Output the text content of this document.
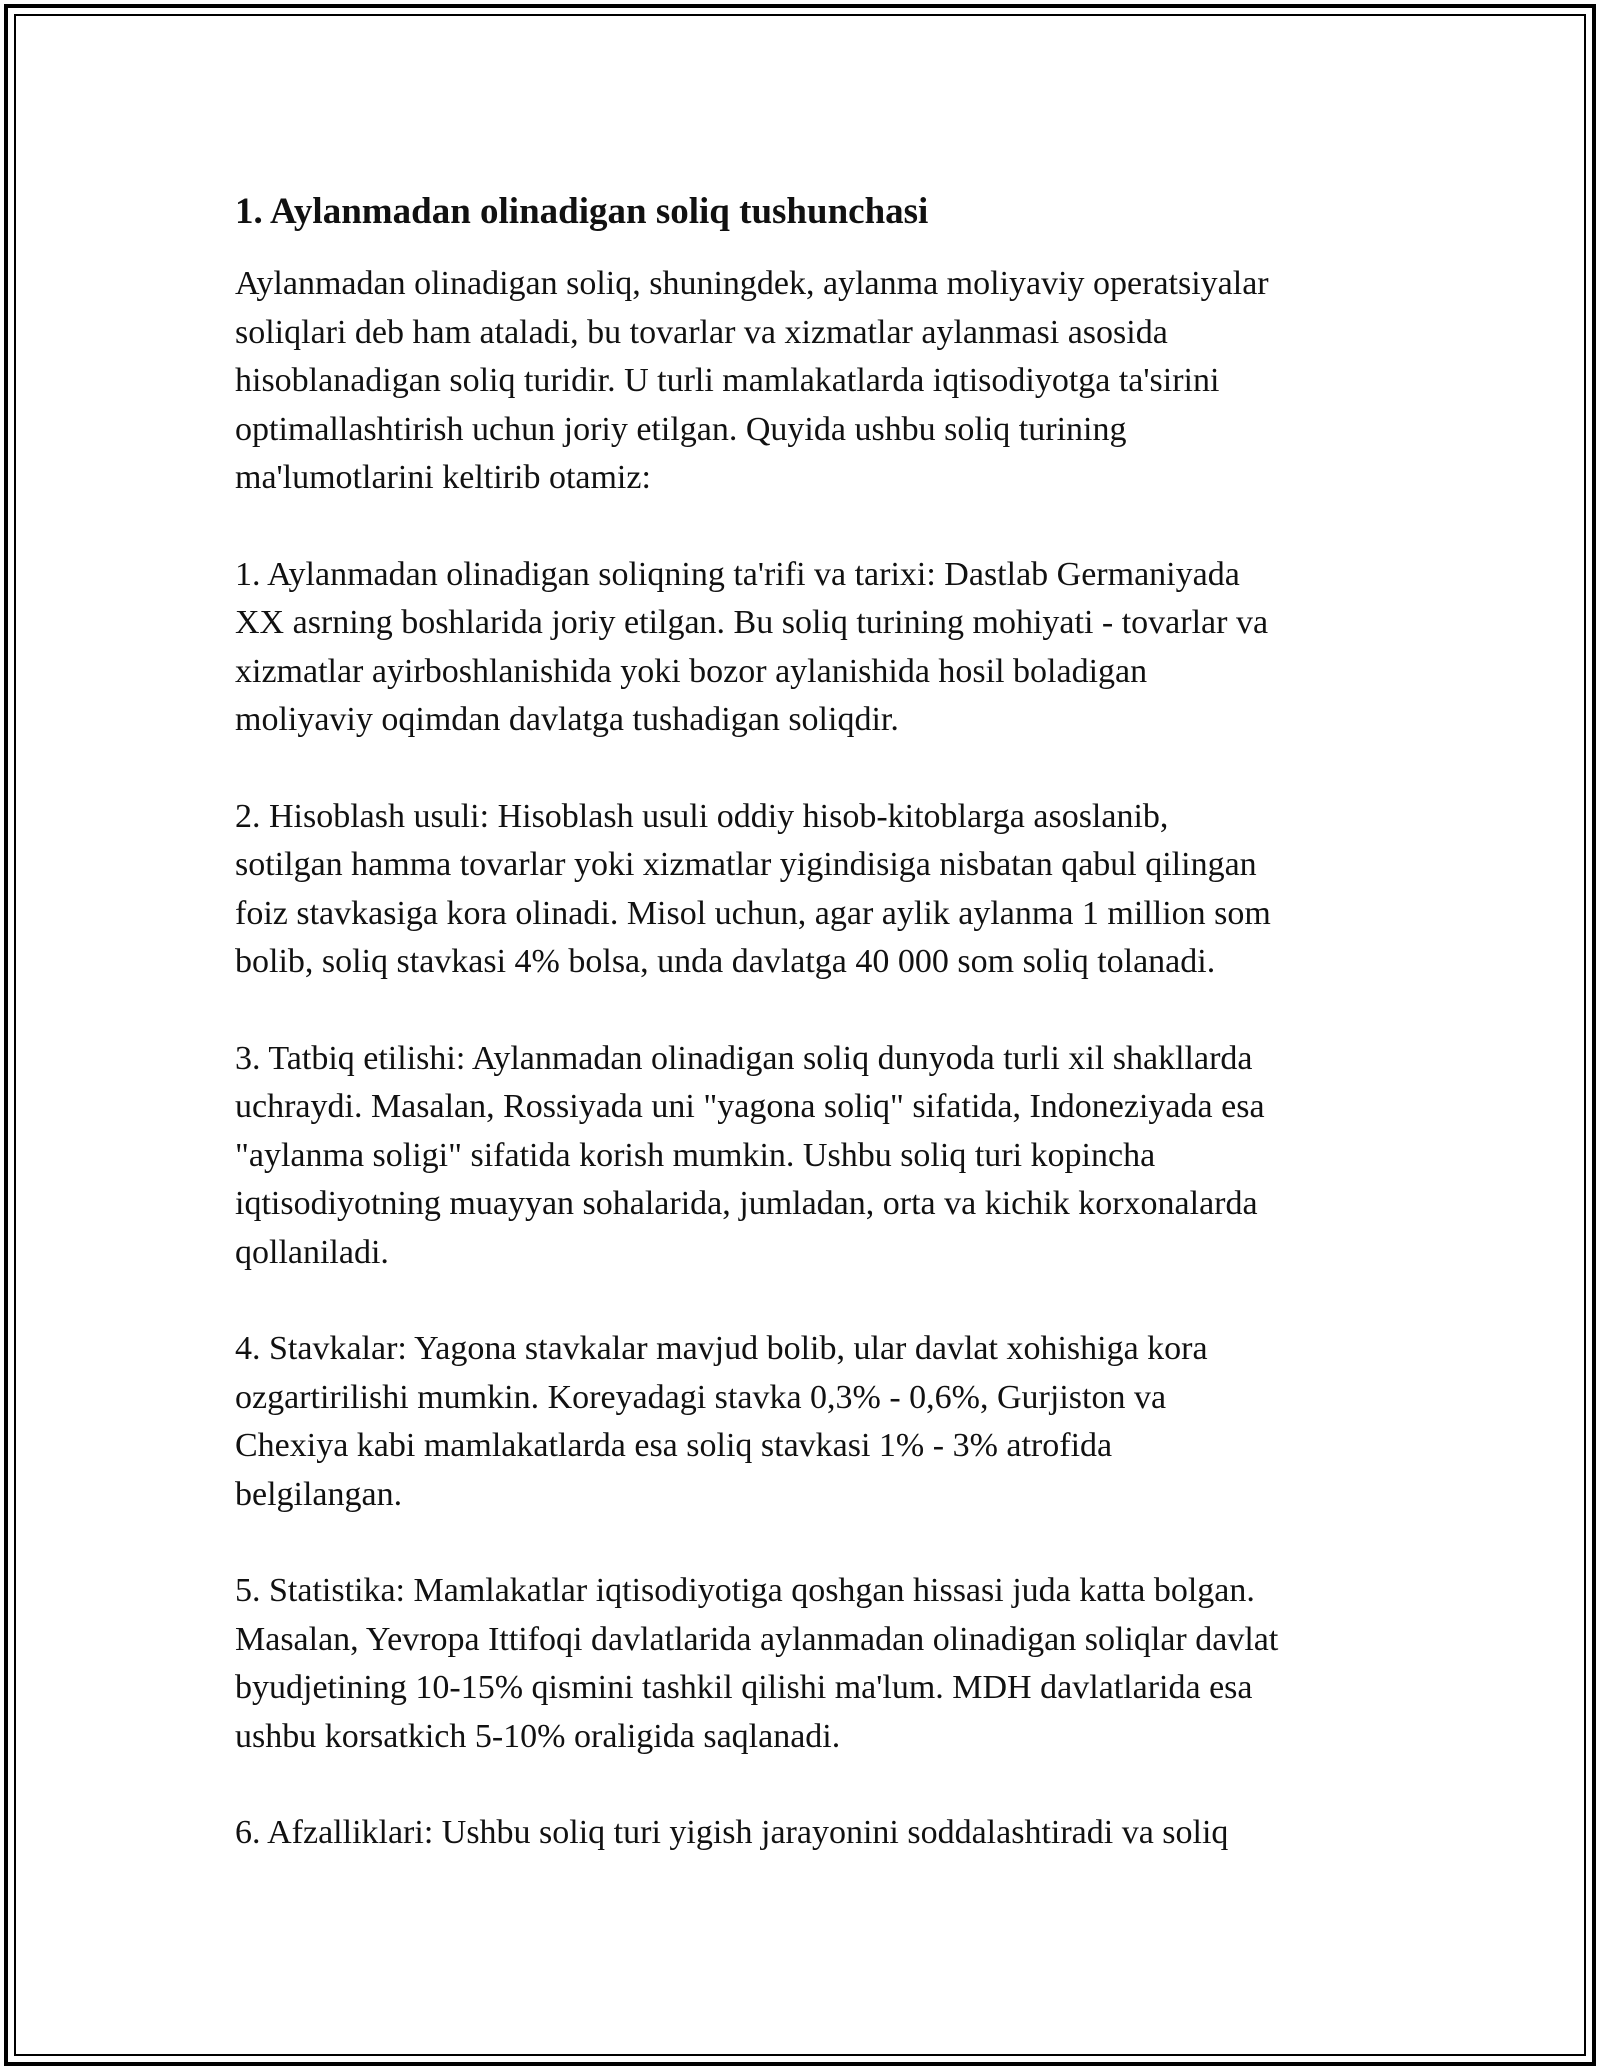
1. Aylanmadan olinadigan soliq tushunchasi

Aylanmadan olinadigan soliq, shuningdek, aylanma moliyaviy operatsiyalar
soliqlari deb ham ataladi, bu tovarlar va xizmatlar aylanmasi asosida
hisoblanadigan soliq turidir. U turli mamlakatlarda iqtisodiyotga ta'sirini
optimallashtirish uchun joriy etilgan. Quyida ushbu soliq turining
ma'lumotlarini keltirib otamiz:

1. Aylanmadan olinadigan soliqning ta'rifi va tarixi: Dastlab Germaniyada
XX asrning boshlarida joriy etilgan. Bu soliq turining mohiyati - tovarlar va
xizmatlar ayirboshlanishida yoki bozor aylanishida hosil boladigan
moliyaviy oqimdan davlatga tushadigan soliqdir.

2. Hisoblash usuli: Hisoblash usuli oddiy hisob-kitoblarga asoslanib,
sotilgan hamma tovarlar yoki xizmatlar yigindisiga nisbatan qabul qilingan
foiz stavkasiga kora olinadi. Misol uchun, agar aylik aylanma 1 million som
bolib, soliq stavkasi 4% bolsa, unda davlatga 40 000 som soliq tolanadi.

3. Tatbiq etilishi: Aylanmadan olinadigan soliq dunyoda turli xil shakllarda
uchraydi. Masalan, Rossiyada uni "yagona soliq" sifatida, Indoneziyada esa
"aylanma soligi" sifatida korish mumkin. Ushbu soliq turi kopincha
iqtisodiyotning muayyan sohalarida, jumladan, orta va kichik korxonalarda
qollaniladi.

4. Stavkalar: Yagona stavkalar mavjud bolib, ular davlat xohishiga kora
ozgartirilishi mumkin. Koreyadagi stavka 0,3% - 0,6%, Gurjiston va
Chexiya kabi mamlakatlarda esa soliq stavkasi 1% - 3% atrofida
belgilangan.

5. Statistika: Mamlakatlar iqtisodiyotiga qoshgan hissasi juda katta bolgan.
Masalan, Yevropa Ittifoqi davlatlarida aylanmadan olinadigan soliqlar davlat
byudjetining 10-15% qismini tashkil qilishi ma'lum. MDH davlatlarida esa
ushbu korsatkich 5-10% oraligida saqlanadi.

6. Afzalliklari: Ushbu soliq turi yigish jarayonini soddalashtiradi va soliq
